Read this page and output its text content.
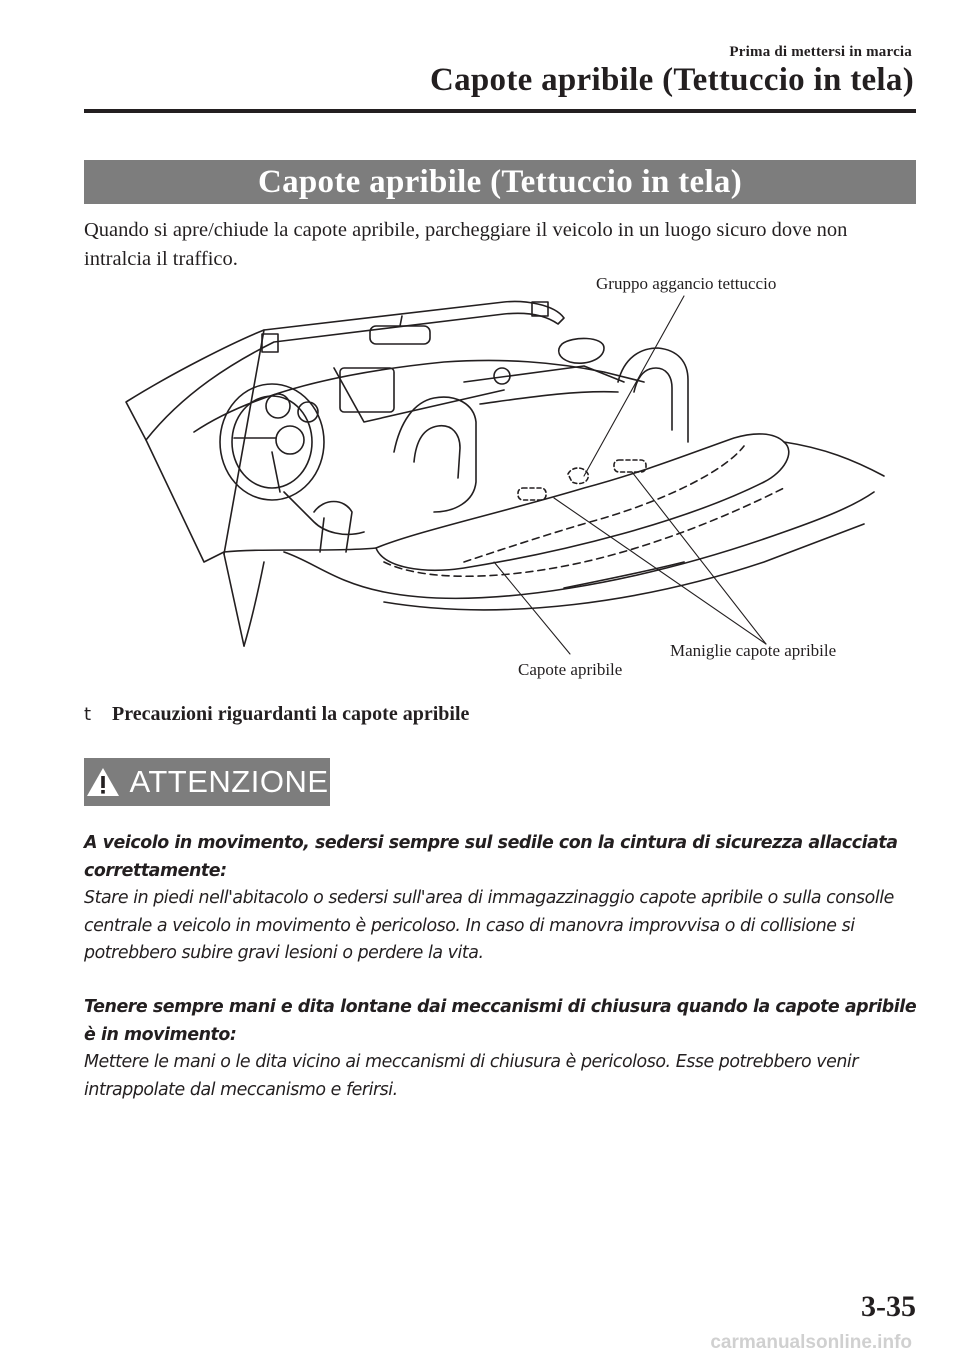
Prima di mettersi in marcia
Capote apribile (Tettuccio in tela)
Capote apribile (Tettuccio in tela)
Quando si apre/chiude la capote apribile, parcheggiare il veicolo in un luogo sicuro dove non intralcia il traffico.
Gruppo aggancio tettuccio
Maniglie capote apribile
Capote apribile
t	Precauzioni riguardanti la capote apribile
ATTENZIONE
A veicolo in movimento, sedersi sempre sul sedile con la cintura di sicurezza allacciata correttamente:
Stare in piedi nell'abitacolo o sedersi sull'area di immagazzinaggio capote apribile o sulla consolle centrale a veicolo in movimento è pericoloso. In caso di manovra improvvisa o di collisione si potrebbero subire gravi lesioni o perdere la vita.
Tenere sempre mani e dita lontane dai meccanismi di chiusura quando la capote apribile è in movimento:
Mettere le mani o le dita vicino ai meccanismi di chiusura è pericoloso. Esse potrebbero venir intrappolate dal meccanismo e ferirsi.
3-35
carmanualsonline.info
